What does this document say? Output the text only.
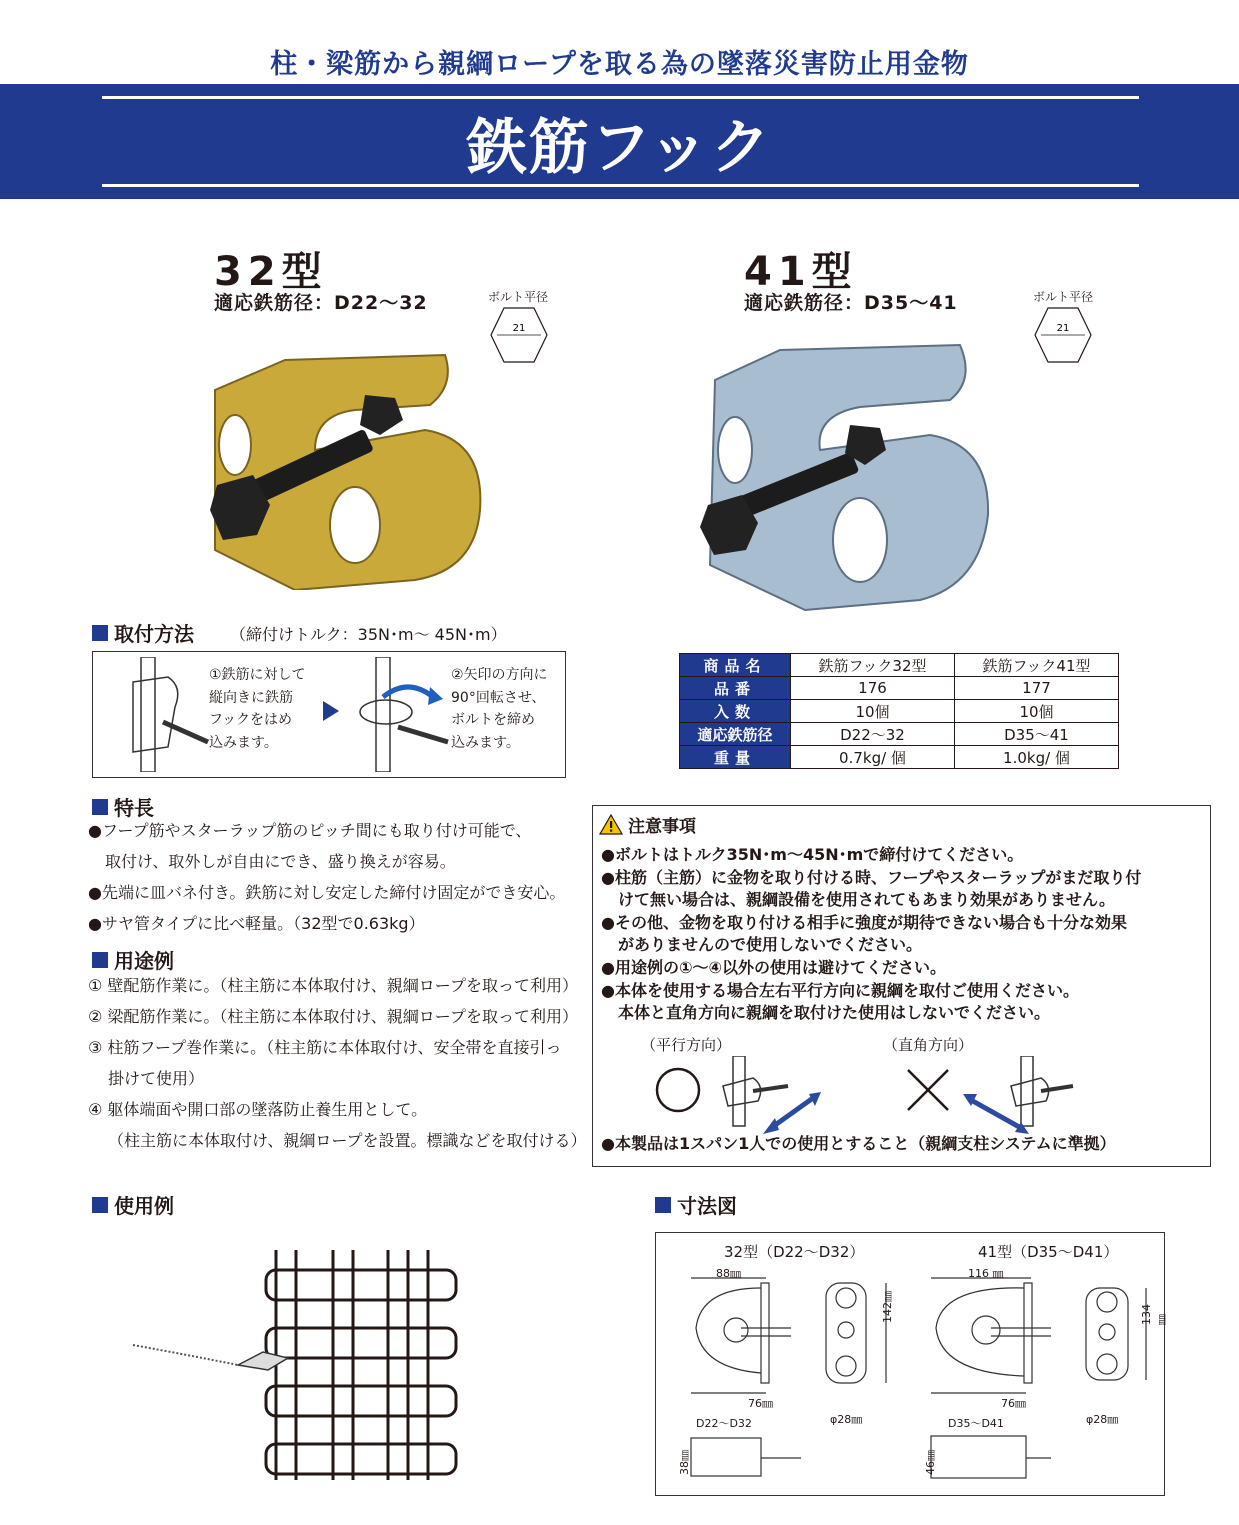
柱・梁筋から親綱ロープを取る為の墜落災害防止用金物
鉄筋フック
32型
適応鉄筋径：D22～32	ボルト平径
21
41型
適応鉄筋径：D35～41	ボルト平径
21
取付方法 （締付けトルク：35N･m～ 45N･m）
①鉄筋に対して
縦向きに鉄筋
フックをはめ
込みます。
②矢印の方向に
90°回転させ、
ボルトを締め
込みます。
商品名	鉄筋フック32型	鉄筋フック41型
品番	176	177
入数	10個	10個
適応鉄筋径	D22～32	D35～41
重量	0.7kg/ 個	1.0kg/ 個
特長
●フープ筋やスターラップ筋のピッチ間にも取り付け可能で、
取付け、取外しが自由にでき、盛り換えが容易。
●先端に皿バネ付き。鉄筋に対し安定した締付け固定ができ安心。
●サヤ管タイプに比べ軽量。（32型で0.63kg）
用途例
① 壁配筋作業に。（柱主筋に本体取付け、親綱ロープを取って利用）
② 梁配筋作業に。（柱主筋に本体取付け、親綱ロープを取って利用）
③ 柱筋フープ巻作業に。（柱主筋に本体取付け、安全帯を直接引っ
掛けて使用）
④ 躯体端面や開口部の墜落防止養生用として。
（柱主筋に本体取付け、親綱ロープを設置。標識などを取付ける）
注意事項
●ボルトはトルク35N･m～45N･mで締付けてください。
●柱筋（主筋）に金物を取り付ける時、フープやスターラップがまだ取り付
けて無い場合は、親綱設備を使用されてもあまり効果がありません。
●その他、金物を取り付ける相手に強度が期待できない場合も十分な効果
がありませんので使用しないでください。
●用途例の①～④以外の使用は避けてください。
●本体を使用する場合左右平行方向に親綱を取付ご使用ください。
本体と直角方向に親綱を取付けた使用はしないでください。
（平行方向）	（直角方向）
●本製品は1スパン1人での使用とすること（親綱支柱システムに準拠）
使用例	寸法図
32型（D22～D32）	41型（D35～D41）
88㎜
76㎜
D22～D32
142㎜
φ28㎜
38㎜
116 ㎜
76㎜
D35～D41
134㎜
φ28㎜
46㎜
